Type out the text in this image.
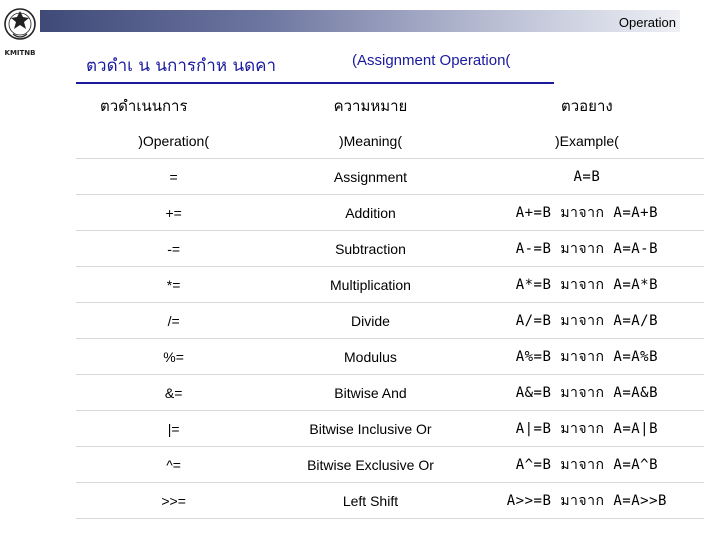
KMITNB
Operation
ตวดำเ น นการกำห นดคา	(Assignment Operation(
ตวดำเนนการ	ความหมาย	ตวอยาง
)Operation(	)Meaning(	)Example(
=	Assignment	A=B
+=	Addition	A+=B มาจาก A=A+B
-=	Subtraction	A-=B มาจาก A=A-B
*=	Multiplication	A*=B มาจาก A=A*B
/=	Divide	A/=B มาจาก A=A/B
%=	Modulus	A%=B มาจาก A=A%B
&=	Bitwise And	A&=B มาจาก A=A&B
|=	Bitwise Inclusive Or	A|=B มาจาก A=A|B
^=	Bitwise Exclusive Or	A^=B มาจาก A=A^B
>>=	Left Shift	A>>=B มาจาก A=A>>B
